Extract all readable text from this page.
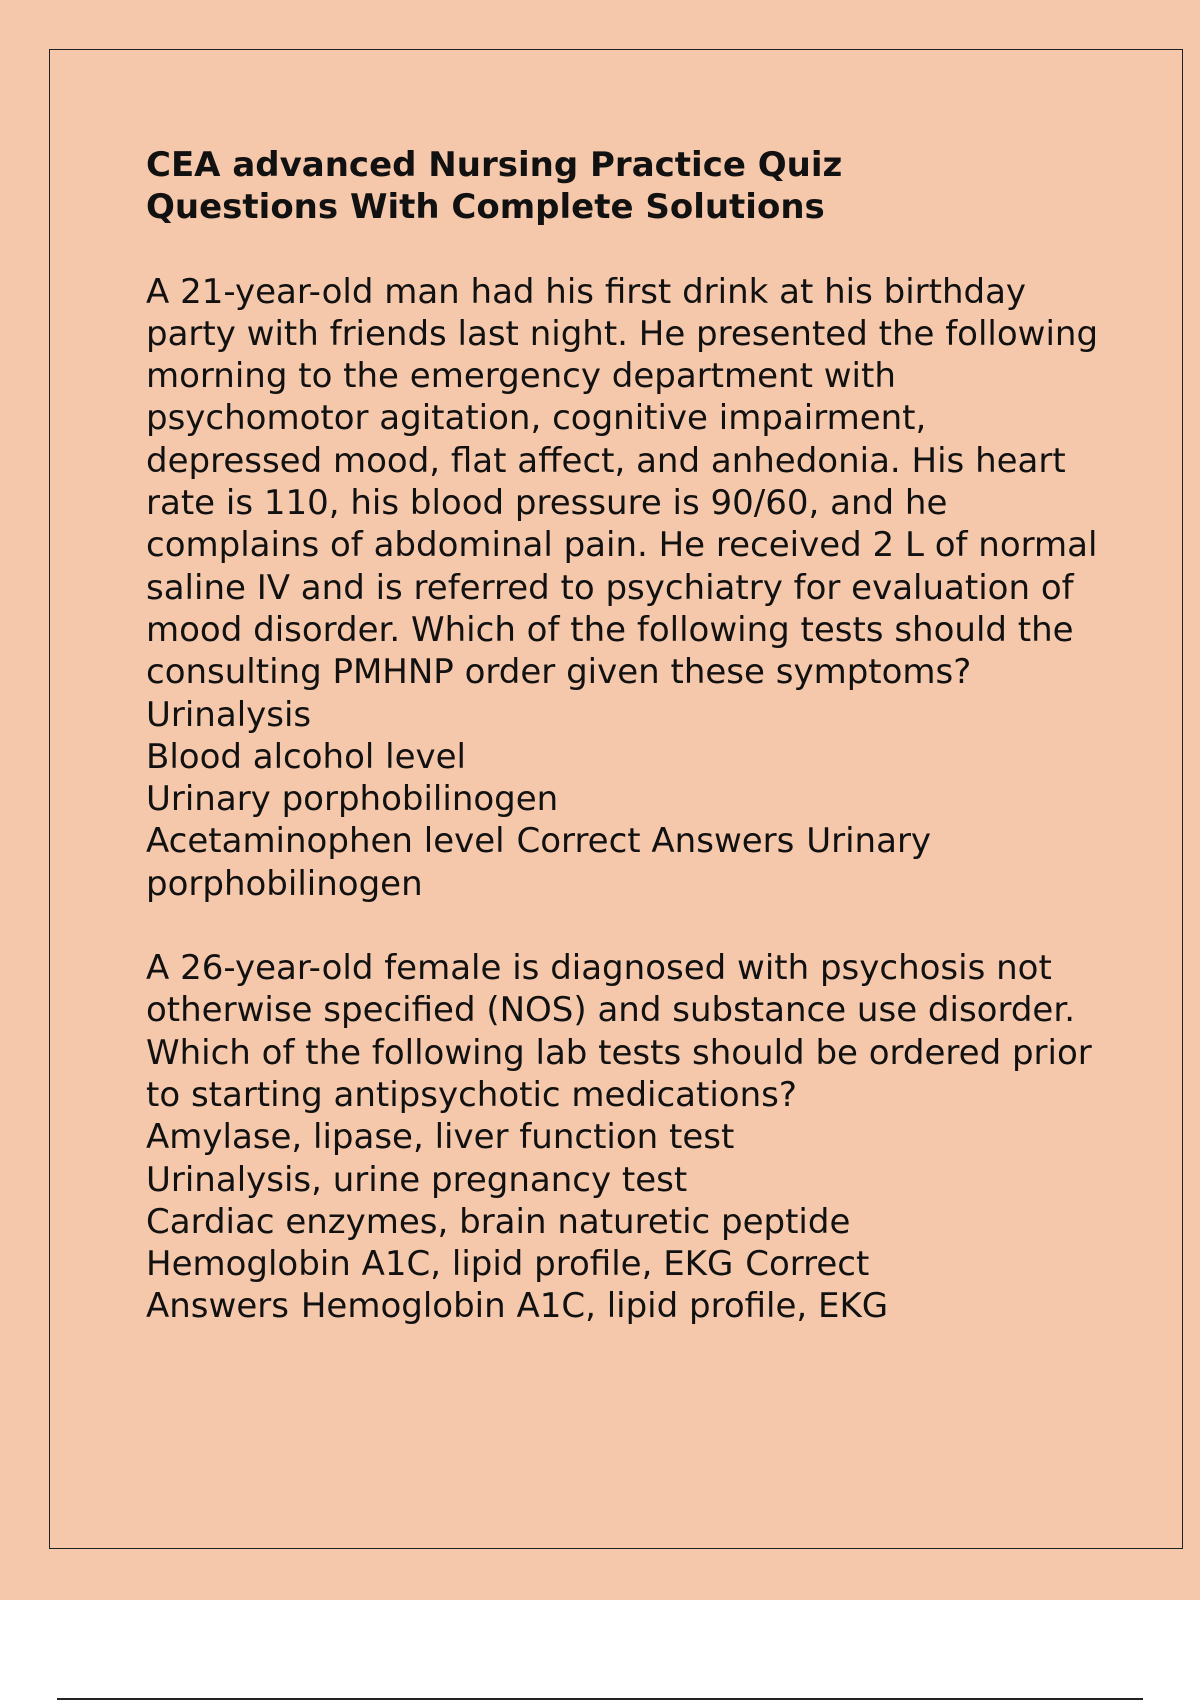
CEA advanced Nursing Practice Quiz Questions With Complete Solutions

A 21-year-old man had his first drink at his birthday party with friends last night. He presented the following morning to the emergency department with psychomotor agitation, cognitive impairment, depressed mood, flat affect, and anhedonia. His heart rate is 110, his blood pressure is 90/60, and he complains of abdominal pain. He received 2 L of normal saline IV and is referred to psychiatry for evaluation of mood disorder. Which of the following tests should the consulting PMHNP order given these symptoms?

Urinalysis
Blood alcohol level
Urinary porphobilinogen
Acetaminophen level Correct Answers Urinary porphobilinogen

A 26-year-old female is diagnosed with psychosis not otherwise specified (NOS) and substance use disorder. Which of the following lab tests should be ordered prior to starting antipsychotic medications?

Amylase, lipase, liver function test
Urinalysis, urine pregnancy test
Cardiac enzymes, brain naturetic peptide
Hemoglobin A1C, lipid profile, EKG Correct Answers Hemoglobin A1C, lipid profile, EKG
